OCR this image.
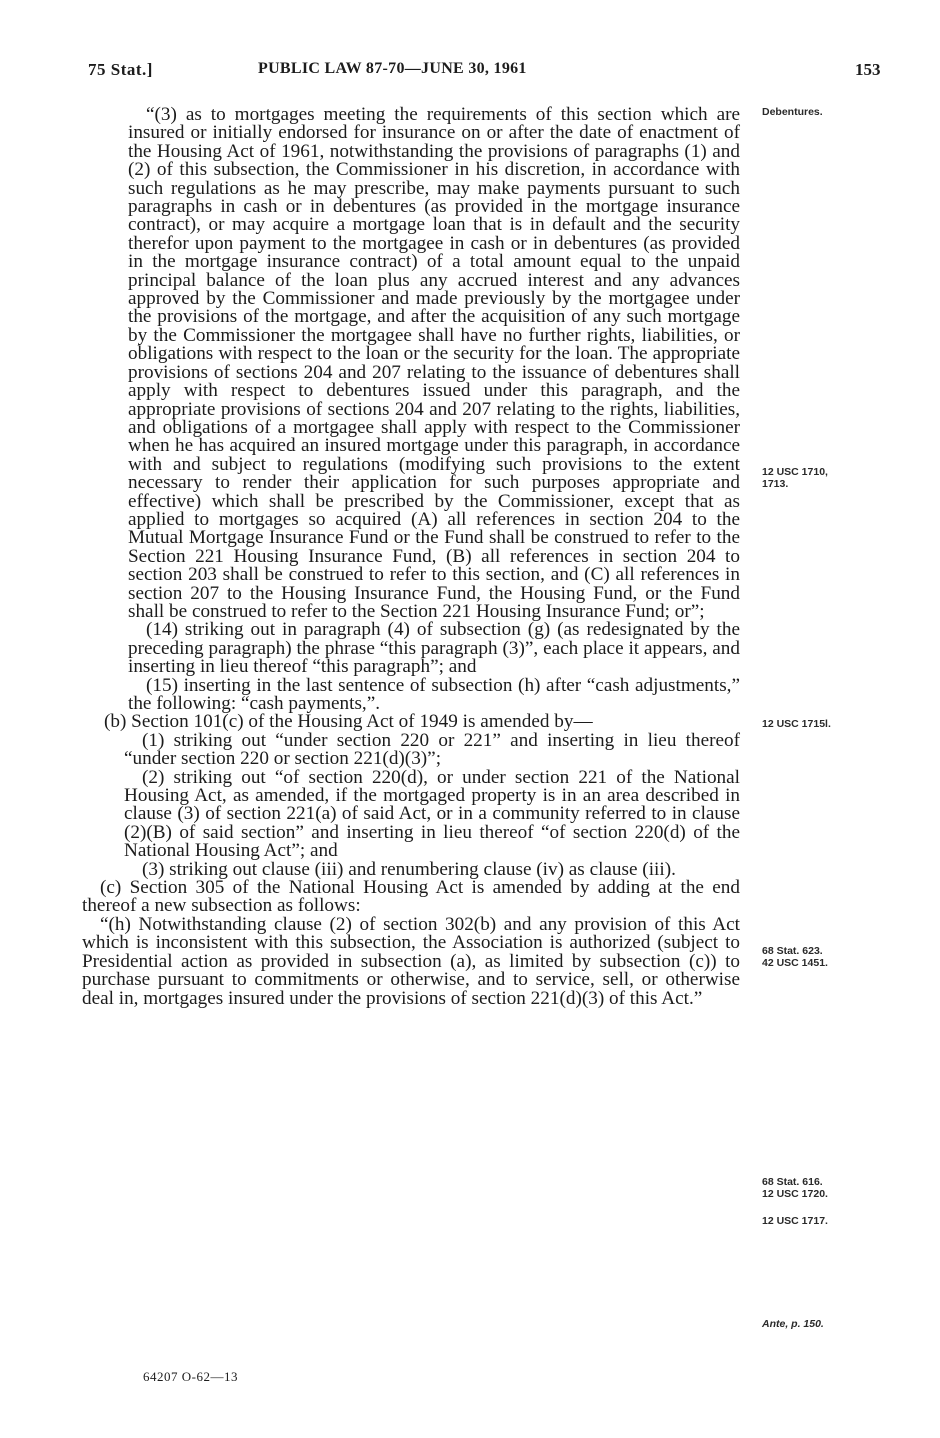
75 Stat.]	PUBLIC LAW 87-70—JUNE 30, 1961	153

“(3) as to mortgages meeting the requirements of this section which are insured or initially endorsed for insurance on or after the date of enactment of the Housing Act of 1961, notwithstanding the provisions of paragraphs (1) and (2) of this subsection, the Commissioner in his discretion, in accordance with such regulations as he may prescribe, may make payments pursuant to such paragraphs in cash or in debentures (as provided in the mortgage insurance contract), or may acquire a mortgage loan that is in default and the security therefor upon payment to the mortgagee in cash or in debentures (as provided in the mortgage insurance contract) of a total amount equal to the unpaid principal balance of the loan plus any accrued interest and any advances approved by the Commissioner and made previously by the mortgagee under the provisions of the mortgage, and after the acquisition of any such mortgage by the Commissioner the mortgagee shall have no further rights, liabilities, or obligations with respect to the loan or the security for the loan. The appropriate provisions of sections 204 and 207 relating to the issuance of debentures shall apply with respect to debentures issued under this paragraph, and the appropriate provisions of sections 204 and 207 relating to the rights, liabilities, and obligations of a mortgagee shall apply with respect to the Commissioner when he has acquired an insured mortgage under this paragraph, in accordance with and subject to regulations (modifying such provisions to the extent necessary to render their application for such purposes appropriate and effective) which shall be prescribed by the Commissioner, except that as applied to mortgages so acquired (A) all references in section 204 to the Mutual Mortgage Insurance Fund or the Fund shall be construed to refer to the Section 221 Housing Insurance Fund, (B) all references in section 204 to section 203 shall be construed to refer to this section, and (C) all references in section 207 to the Housing Insurance Fund, the Housing Fund, or the Fund shall be construed to refer to the Section 221 Housing Insurance Fund; or”;

(14) striking out in paragraph (4) of subsection (g) (as redesignated by the preceding paragraph) the phrase “this paragraph (3)”, each place it appears, and inserting in lieu thereof “this paragraph”; and

(15) inserting in the last sentence of subsection (h) after “cash adjustments,” the following: “cash payments,”.

(b) Section 101(c) of the Housing Act of 1949 is amended by—

(1) striking out “under section 220 or 221” and inserting in lieu thereof “under section 220 or section 221(d)(3)”;

(2) striking out “of section 220(d), or under section 221 of the National Housing Act, as amended, if the mortgaged property is in an area described in clause (3) of section 221(a) of said Act, or in a community referred to in clause (2)(B) of said section” and inserting in lieu thereof “of section 220(d) of the National Housing Act”; and

(3) striking out clause (iii) and renumbering clause (iv) as clause (iii).

(c) Section 305 of the National Housing Act is amended by adding at the end thereof a new subsection as follows:

“(h) Notwithstanding clause (2) of section 302(b) and any provision of this Act which is inconsistent with this subsection, the Association is authorized (subject to Presidential action as provided in subsection (a), as limited by subsection (c)) to purchase pursuant to commitments or otherwise, and to service, sell, or otherwise deal in, mortgages insured under the provisions of section 221(d)(3) of this Act.”

Debentures.
12 USC 1710,
1713.
12 USC 1715l.
68 Stat. 623.
42 USC 1451.
68 Stat. 616.
12 USC 1720.
12 USC 1717.
Ante, p. 150.
64207 O-62—13
